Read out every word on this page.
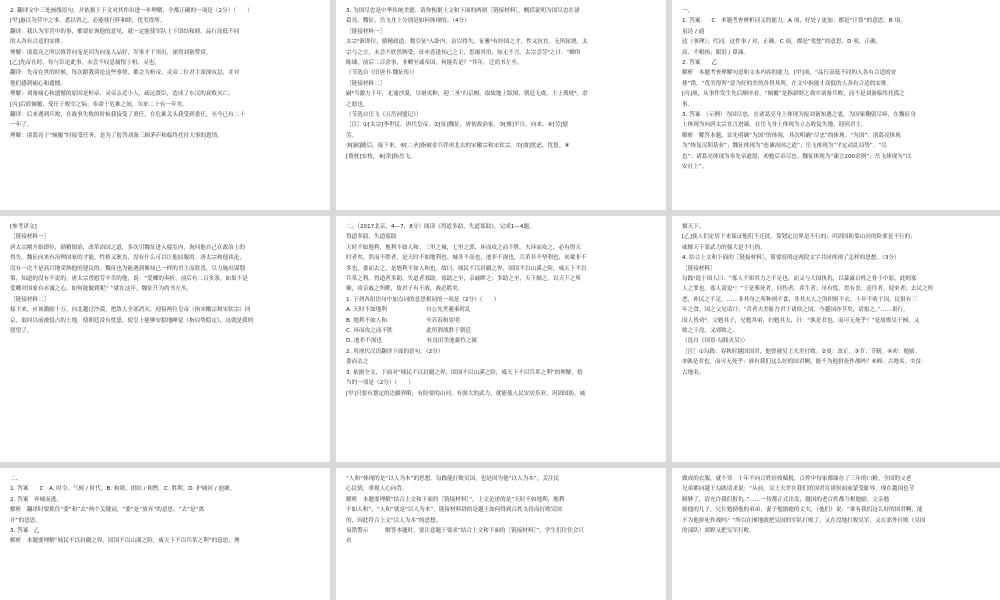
2. 翻译文中三处画线语句，并依据上下文对其作出进一步理解，全都正确的一项是（2分）（　　）
[甲]惠以为营中之事，悉以咨之，必能使行阵和睦，优劣得所。
翻译：我认为军营中的事，都要征询他的意见，就一定能使军队上下团结和睦，品行高低不同
的人各有合适的安排。
理解：诸葛亮之所以推荐向宠是因为向宠人品好，军事才干突出，深得刘备赞赏。
[乙]先帝在时，每与臣论此事，未尝不叹息痛恨于桓、灵也。
翻译：先帝在世的时候，每次跟我谈论这些事情，都会为桓帝、灵帝二位君主深深叹息，并对
他们感到痛心和遗憾。
理解：刘备痛心和遗憾的原因是桓帝、灵帝亲近小人，疏远贤臣，造成了东汉的衰败灭亡。
[丙]后值倾覆，受任于败军之际，奉命于危难之间，尔来二十有一年矣。
翻译：后来遇到兵败，在战事失败的时候我接受了重任，在危难关头我受到委任，至今已有二十
一年了。
理解：诸葛亮于“倾覆”时接受任务，是为了报答刘备三顾茅庐和临终托付大事的恩情。
3. 为国尽忠是中华传统美德。请你根据上文和下面的两则［链接材料］，概括说明为国尽忠在诸
葛亮、魏征、岳飞身上分别是如何体现的。（4分）
［链接材料一］
太宗²新即位，励精政道，数引征³入卧内，访以得失。征雅⁴有经国之才，性又抗直，无所屈挠。太
宗与之言，未尝不欣然纳受。征亦喜逢知己之主，思竭其用，知无不言。太宗尝劳⁵之曰：“卿所
陈谏，前后二百余事，非卿至诚奉国，何能若是？”其年，迁尚书左丞。
（节选自《旧唐书·魏征传》）
［链接材料二］
嗣⁶当激力千年，北逾沙漠，尽屠夷种，迎二圣⁷归京阙，取故地上版图，朝廷无虞，主上奠枕⁸，余
之愿也。
（节选自岳飞《五岳祠盟记》）
［注］①[太宗]李世民，唐代皇帝。②[征]魏征，唐初政治家。③[雅]平日，向来。④[劳]慰
劳。
⑤[嗣]随后，接下来。⑥[二圣]指被金兵俘虏北去的宋徽宗和宋钦宗。⑦[虞]忧虑，忧患。⑧
[奠枕]安枕。⑨[余]指岳飞。
一、
1. 答案　　C　本题考查辨析词义的能力。A 项，好处 / 更加；都是“计算”的意思。B 项，
虽达 / 通
达（事理）；代词，这件事 / 对，正确。C 项，都是“优想”的意思。D 项，正确，
高、不相指；眼泪 / 鼻涕。
2. 答案　　乙
解析　本题考查理解句意和文本内容的能力。[甲]项，“品行高低不同的人各有合适的安
排”错。“优劣得所”意为好的差的各得其所，在文中指能才高低的人各有合适的安排。
[丙]项，从事件发生先后顺序看，“倾覆”是指新野之战中刘备兵败，而不是刘备临终托孤之
事。
3. 答案　（示例）为国尽忠，在诸葛亮身上体现为报刘备知遇之恩，为国家鞠躬尽瘁，在魏征身
上体现为向唐太宗直言进谏，在岳飞身上体现为立志收复失地、迎回君主。
解析　解答本题，首先明确“为国”的体现，其次明确“尽忠”的体现。“为国”：诸葛亮体现
为“恢复汉朝基业”；魏征体现为“连谏治国之道”；岳飞体现为“平定动乱局势”。“尽
忠”：诸葛亮体现为奉先帝遗愿，劝勉后帝尽忠；魏征体现为“谏言200余则”；岳飞体现为“以
安社上”。
[参考译文]
［链接材料一］
唐太宗刚开始即位，励精图治，改革治国之道，多次引魏征进入寝室内，询问他自己在政治上的
得失。魏征向来有治理国家的才能，性格又耿直，没有什么可以让他屈服的。唐太宗和他谈论，
没有一次不是高兴地采纳他的建议的。魏征也为能遇到像知己一样的君主而欣喜，尽力施出谋划
策，知道的没有不说的。唐太宗曾慰劳辛苦的他，说：“爱卿的奏折，前后有二百多条，如果不是
爱卿对国家有赤诚之心，如何能做到呢？”就在这年，魏征升为尚书左丞。
［链接材料二］
接下来，应该激励十万，向北越过沙漠，把敌人全部消灭，迎接两位皇帝（指宋徽宗和宋钦宗）回
京，取回以前被侵占的土地，使朝廷没有忧患，使皇上能够安稳地睡觉（指局势稳定），这就是我的
愿望了。
二、（2017北京，4—7，8分）阅读《得道多助，失道寡助》，完成1—4题。
得道多助，失道寡助
天时不如地利，地利不如人和。三里之城，七里之郭，环而攻之而不胜。夫环而攻之，必有得天
时者矣，然而不胜者，是天时不如地利也。城非不高也，池非不深也，兵革非不坚利也，米粟非不
多也，委而去之，是地利不如人和也。故曰，域民不以封疆之界，固国不以山溪之险，威天下不以
兵革之利。得道者多助，失道者寡助。寡助之至，亲戚畔之；多助之至，天下顺之。以天下之所
顺，攻亲戚之所畔，故君子有不战，战必胜矣。
1. 下列各组语句中加点词的意思相同的一项是（2分）（　　）
A. 天时不如地利　　　　　　　自公先世避秦时乱
B. 地利不如人和　　　　　　　至若春和景明
C. 环而攻之而不胜　　　　　　此所谓战胜于朝廷
D. 池非不深也　　　　　　　　有良田美池桑竹之属
2. 用现代汉语翻译下面的语句。（2分）
委而去之
3. 依据全文，下面对“域民不以封疆之界，固国不以山溪之险，威天下不以兵革之利”的理解，恰
当的一项是（2分）（　　）
[甲]只要有划定的边疆界限，有险要的山河，有强大的武力，就能使人民安居乐业，巩固国防，威
慑天下。
[乙]使人们定居下来保证他们不迁徙，靠划定边界是不行的；巩固国防靠山河的险要是不行的；
威慑天下靠武力的强大是不行的。
4. 结合上文和下面的［链接材料］，简要说明这两段文字共同体现了怎样的思想。（3分）
［链接材料］
勾践¹说于国人曰：“寡人不知其力之不足也，而又与大国执仇，以暴露百姓之骨于中原，此则寡
人之罪也。寡人请更²！”于是葬死者，问伤者，养生者；吊有忧，贺有喜；送往者，迎来者；去民之所
恶，补民之不足。……非其身之所种则不食，非其夫人之所织则不衣。十年不收于国，民俱有三
年之食。国之父兄请曰：“昔者夫差耻吾君于诸侯之国，今越国亦节矣，请报之。”……果行，
国人皆劝³。父勉其子，兄勉其弟，妇勉其夫，曰：“孰是君也，而可无死乎？”是故败吴于囿，又
败之于没，又郊败之。
（选自《国语·勾践灭吴》）
［注］①勾践：春秋时越国国君，他曾被吴王夫差打败。②更：改正。③节：节制。④劝：勉励。
⑤孰是君也，而可无死乎：谁有我们这么好的国君啊，能不为他拼死作战吗？⑥囿：古地名。⑦没：
古地名。
二、
1. 答案　　C　A. 时令、气候 / 时代。B. 和睦、团结 / 和煦。C. 胜利。D. 护城河 / 池塘。
2. 答案　弃城而逃。
解析　翻译时要抓住“委”和“去”两个关键词，“委”是“放弃”的意思，“去”是“离
开”的意思。
3. 答案　乙
解析　本题要理解“域民不以封疆之界，固国不以山溪之险，威天下不以兵革之利”的意思，理
“人和”体现的是“以人为本”的思想。勾践能打败吴国，也是因为他“以人为本”，关注民
心民情，重视人心向背。
解析　本题要理解“结合上文和下面的［链接材料］”，上文论述的是“天时不如地利，地利
不如人和”，“人和”就是“以人为本”，链接材料讲的是越王如何得到百姓支持而打败吴国
的，因此符合上文“以人为本”的思想。
易错警示　　　解答本题时，要注意题干要求“结合上文和下面的［链接材料］”，学生们往往会只
看
做成的衣服，就不穿。十年不向百姓征收赋税，百姓中每家都储存了三年的口粮。全国的父老
兄弟都向越王勾践请求说：“从前，吴王夫差在我们的国君在诸侯面前蒙受耻辱，现在越国也节
制够了，请允许我们报仇。”……一切都正式出发，越国的老百姓都互相勉励。父亲勉
励他的儿子，兄长勉励他的弟弟，妻子勉励她的丈夫，（他们）说：“谁有我们这么好的国君啊，能
不为他拼死作战吗？”所以在囿地就把吴国的军队打败了，又在没地打败吴军，又在郊外打败（吴国
的部队）郊野又把吴军打败。
